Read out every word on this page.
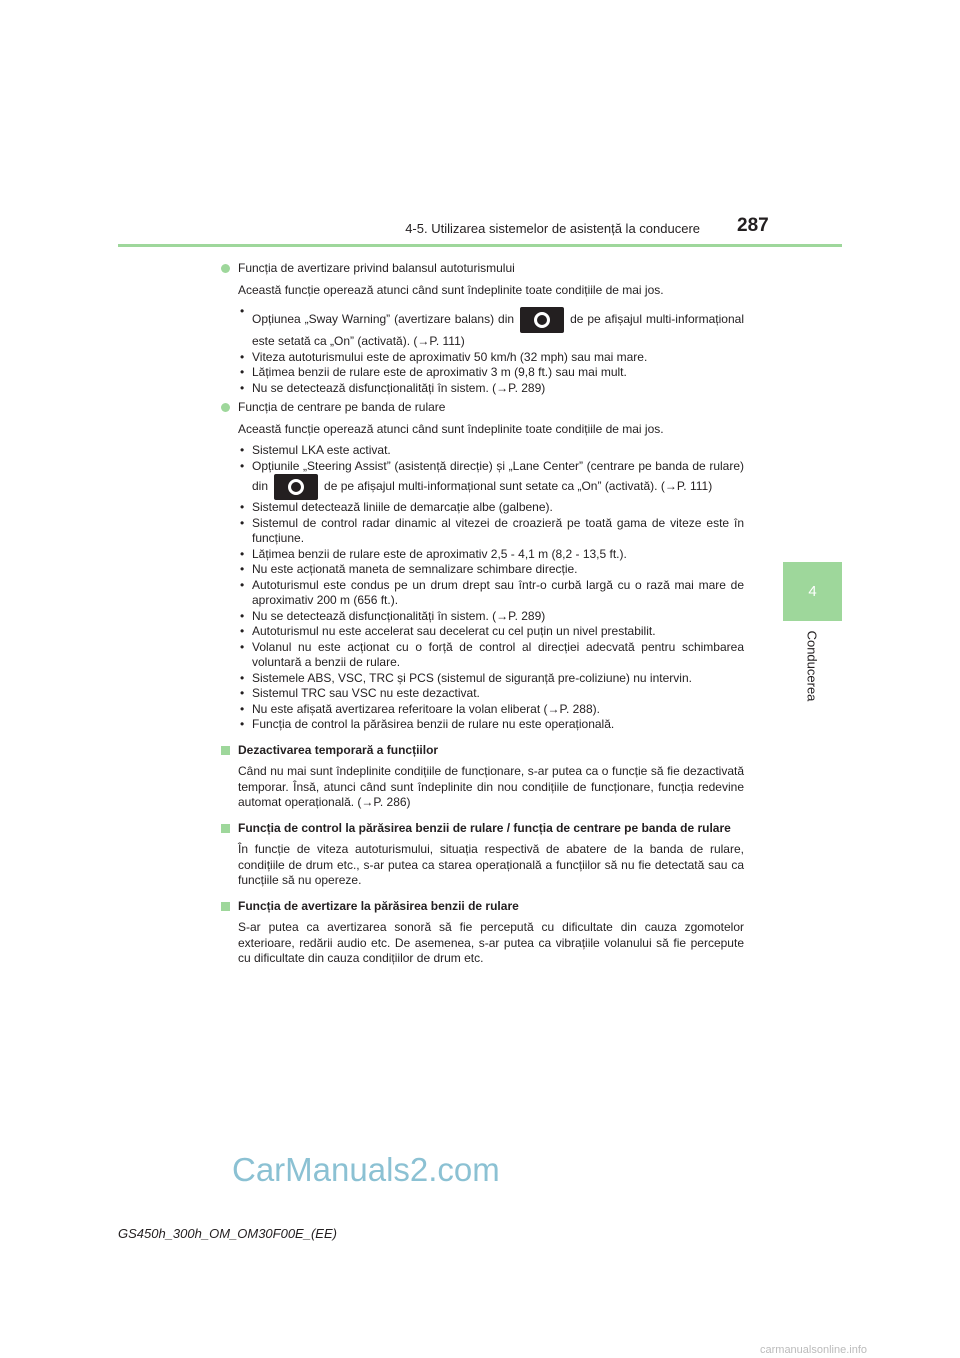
4-5. Utilizarea sistemelor de asistență la conducere 287
4
Conducerea
Funcția de avertizare privind balansul autoturismului
Această funcție operează atunci când sunt îndeplinite toate condițiile de mai jos.
• Opțiunea „Sway Warning” (avertizare balans) din	de pe afișajul multi-informațional este setată ca „On” (activată). (→P. 111)
• Viteza autoturismului este de aproximativ 50 km/h (32 mph) sau mai mare.
• Lățimea benzii de rulare este de aproximativ 3 m (9,8 ft.) sau mai mult.
• Nu se detectează disfuncționalități în sistem. (→P. 289)
Funcția de centrare pe banda de rulare
Această funcție operează atunci când sunt îndeplinite toate condițiile de mai jos.
• Sistemul LKA este activat.
• Opțiunile „Steering Assist” (asistență direcție) și „Lane Center” (centrare pe banda de rulare) din	de pe afișajul multi-informațional sunt setate ca „On” (activată). (→P. 111)
• Sistemul detectează liniile de demarcație albe (galbene).
• Sistemul de control radar dinamic al vitezei de croazieră pe toată gama de viteze este în funcțiune.
• Lățimea benzii de rulare este de aproximativ 2,5 - 4,1 m (8,2 - 13,5 ft.).
• Nu este acționată maneta de semnalizare schimbare direcție.
• Autoturismul este condus pe un drum drept sau într-o curbă largă cu o rază mai mare de aproximativ 200 m (656 ft.).
• Nu se detectează disfuncționalități în sistem. (→P. 289)
• Autoturismul nu este accelerat sau decelerat cu cel puțin un nivel prestabilit.
• Volanul nu este acționat cu o forță de control al direcției adecvată pentru schimbarea voluntară a benzii de rulare.
• Sistemele ABS, VSC, TRC și PCS (sistemul de siguranță pre-coliziune) nu intervin.
• Sistemul TRC sau VSC nu este dezactivat.
• Nu este afișată avertizarea referitoare la volan eliberat (→P. 288).
• Funcția de control la părăsirea benzii de rulare nu este operațională.
Dezactivarea temporară a funcțiilor
Când nu mai sunt îndeplinite condițiile de funcționare, s-ar putea ca o funcție să fie dezactivată temporar. Însă, atunci când sunt îndeplinite din nou condițiile de funcționare, funcția redevine automat operațională. (→P. 286)
Funcția de control la părăsirea benzii de rulare / funcția de centrare pe banda de rulare
În funcție de viteza autoturismului, situația respectivă de abatere de la banda de rulare, condițiile de drum etc., s-ar putea ca starea operațională a funcțiilor să nu fie detectată sau ca funcțiile să nu opereze.
Funcția de avertizare la părăsirea benzii de rulare
S-ar putea ca avertizarea sonoră să fie percepută cu dificultate din cauza zgomotelor exterioare, redării audio etc. De asemenea, s-ar putea ca vibrațiile volanului să fie percepute cu dificultate din cauza condițiilor de drum etc.
CarManuals2.com
GS450h_300h_OM_OM30F00E_(EE)
carmanualsonline.info
